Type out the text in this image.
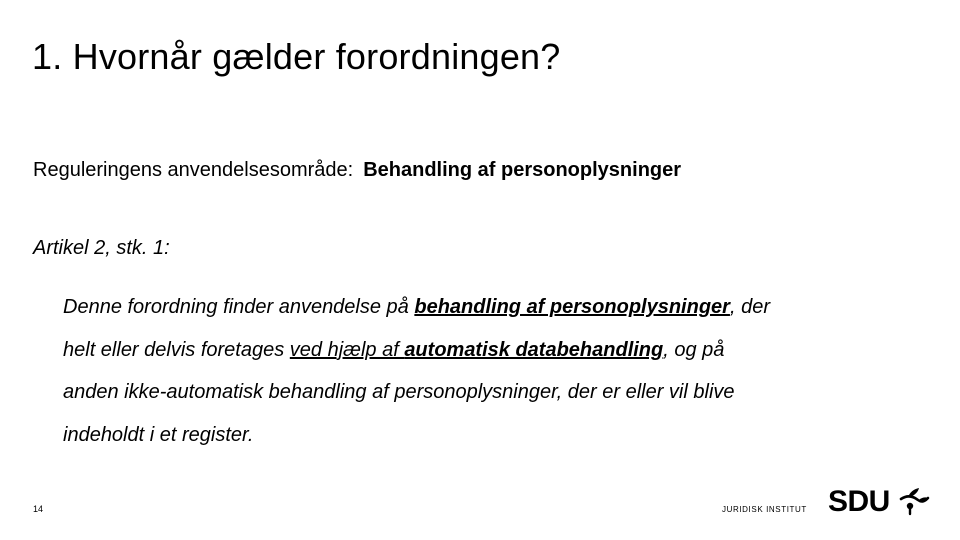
1. Hvornår gælder forordningen?
Reguleringens anvendelsesområde: Behandling af personoplysninger
Artikel 2, stk. 1:

Denne forordning finder anvendelse på behandling af personoplysninger, der
helt eller delvis foretages ved hjælp af automatisk databehandling, og på
anden ikke-automatisk behandling af personoplysninger, der er eller vil blive
indeholdt i et register.

14	JURIDISK INSTITUT SDU
